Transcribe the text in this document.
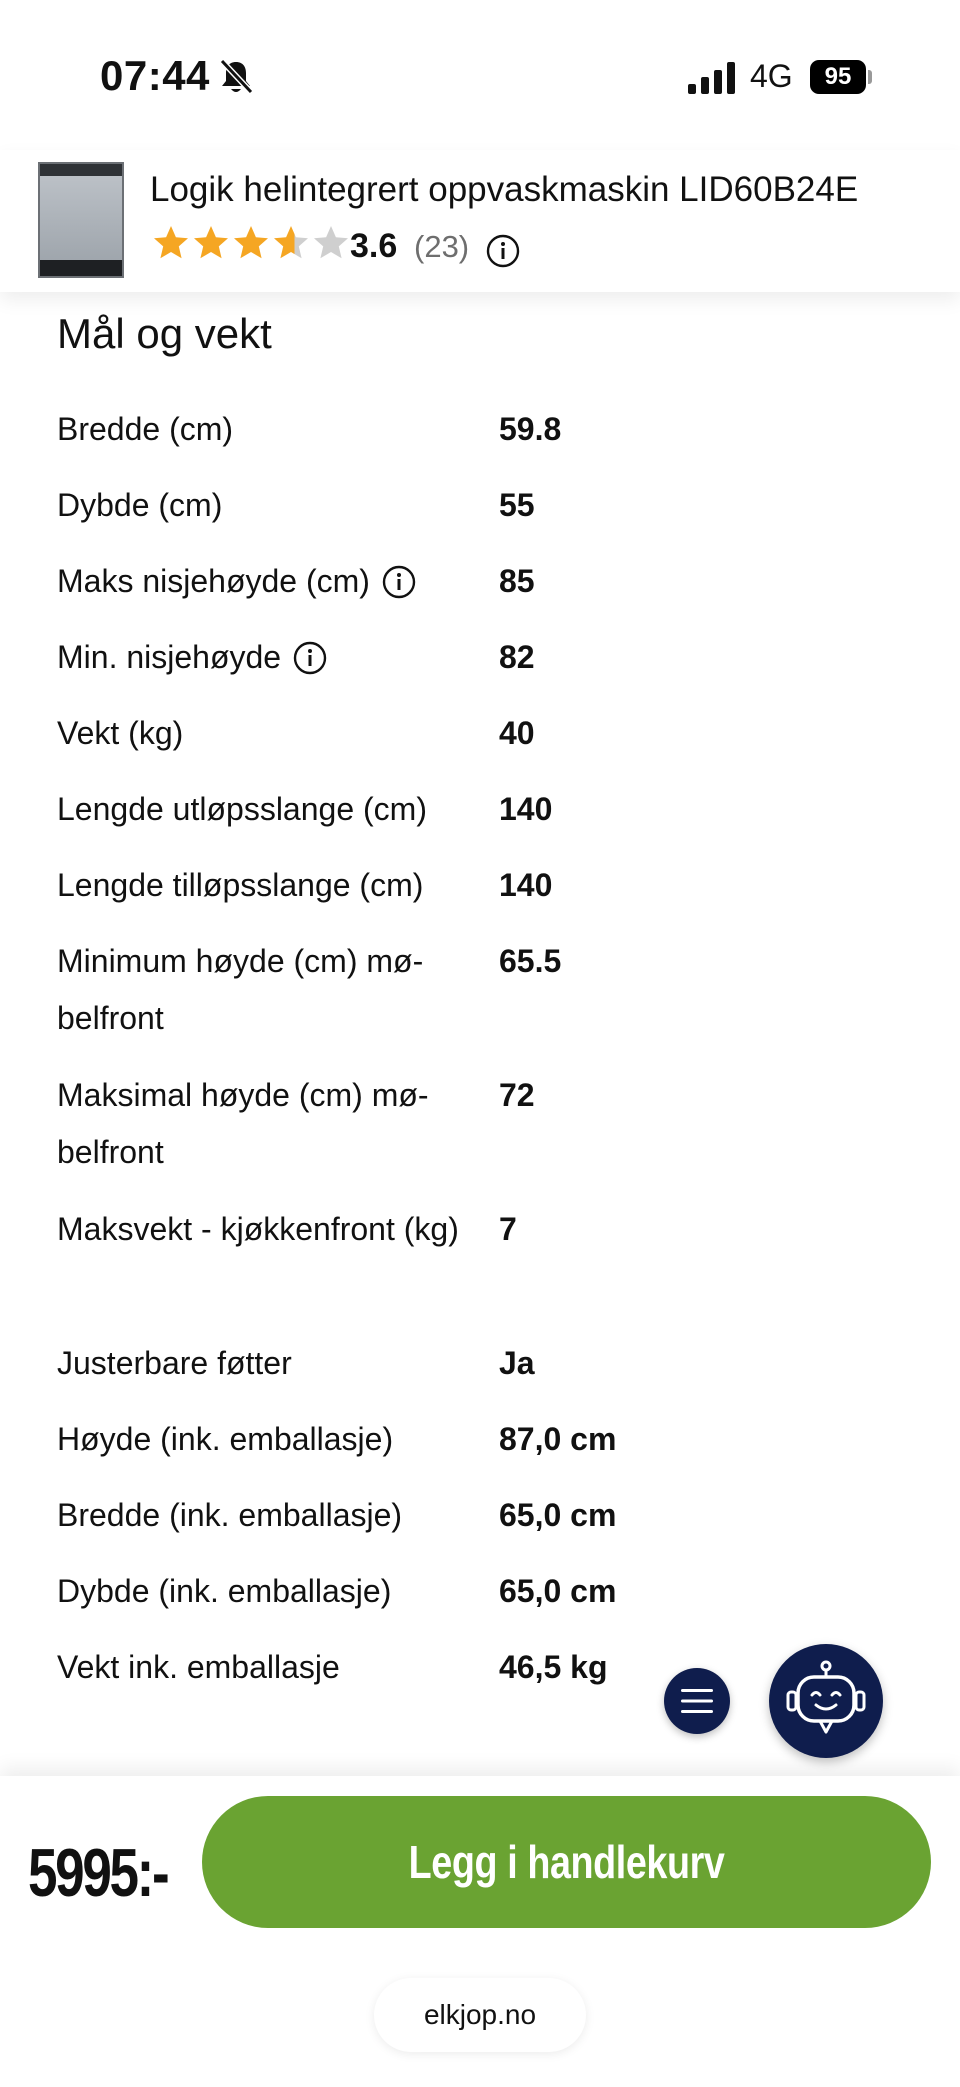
07:44	4G	95
Logik helintegrert oppvaskmaskin LID60B24E
3.6 (23)
Mål og vekt
Bredde (cm)	59.8
Dybde (cm)	55
Maks nisjehøyde (cm)	85
Min. nisjehøyde	82
Vekt (kg)	40
Lengde utløpsslange (cm) 140
Lengde tilløpsslange (cm) 140
Minimum høyde (cm) mø-belfront
65.5
Maksimal høyde (cm) mø-belfront
72
Maksvekt - kjøkkenfront (kg) 7
Justerbare føtter	Ja
Høyde (ink. emballasje)	87,0 cm
Bredde (ink. emballasje)	65,0 cm
Dybde (ink. emballasje)	65,0 cm
Vekt ink. emballasje	46,5 kg
5995:-	Legg i handlekurv
elkjop.no
